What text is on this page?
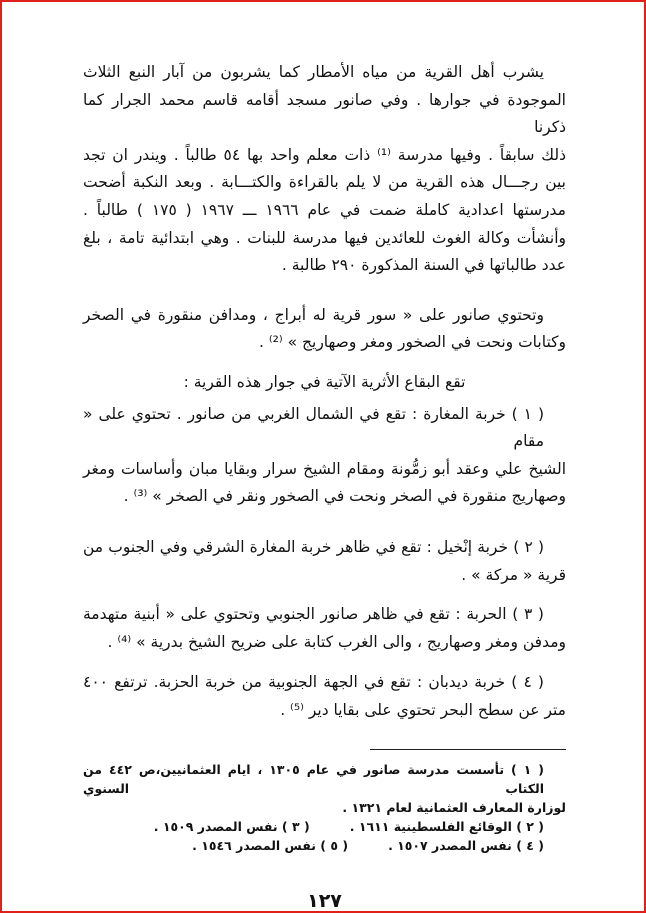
يشرب أهل القرية من مياه الأمطار كما يشربون من آبار النبع الثلاث
الموجودة في جوارها . وفي صانور مسجد أقامه قاسم محمد الجرار كما ذكرنا
ذلك سابقاً . وفيها مدرسة ⁽¹⁾ ذات معلم واحد بها ٥٤ طالباً . ويندر ان تجد
بين رجـــال هذه القرية من لا يلم بالقراءة والكتـــابة . وبعد النكبة أضحت
مدرستها اعدادية كاملة ضمت في عام ١٩٦٦ ـــ ١٩٦٧ ( ١٧٥ ) طالباً .
وأنشأت وكالة الغوث للعائدين فيها مدرسة للبنات . وهي ابتدائية تامة ، بلغ
عدد طالباتها في السنة المذكورة ٢٩٠ طالبة .
وتحتوي صانور على « سور قرية له أبراج ، ومدافن منقورة في الصخر
وكتابات ونحت في الصخور ومغر وصهاريج » ⁽²⁾ .
تقع البقاع الأثرية الآتية في جوار هذه القرية :
( ١ ) خربة المغارة : تقع في الشمال الغربي من صانور . تحتوي على « مقام
الشيخ علي وعقد أبو زمُّونة ومقام الشيخ سرار وبقايا مبان وأساسات ومغر
وصهاريج منقورة في الصخر ونحت في الصخور ونقر في الصخر » ⁽³⁾ .
( ٢ ) خربة إنْخيل : تقع في ظاهر خربة المغارة الشرقي وفي الجنوب من
قرية « مركة » .
( ٣ ) الحربة : تقع في ظاهر صانور الجنوبي وتحتوي على « أبنية متهدمة
ومدفن ومغر وصهاريج ، والى الغرب كتابة على ضريح الشيخ بدرية » ⁽⁴⁾ .
( ٤ ) خربة ديدبان : تقع في الجهة الجنوبية من خربة الحزبة. ترتفع ٤٠٠
متر عن سطح البحر تحتوي على بقايا دير ⁽⁵⁾ .
( ١ ) تأسست مدرسة صانور في عام ١٣٠٥ ، ايام العثمانيين،ص ٤٤٢ من الكتاب السنوي
لوزارة المعارف العثمانية لعام ١٣٢١ .
( ٢ ) الوقائع الفلسطينية ١٦١١ .
( ٣ ) نفس المصدر ١٥٠٩ .
( ٤ ) نفس المصدر ١٥٠٧ .
( ٥ ) نفس المصدر ١٥٤٦ .
١٢٧
